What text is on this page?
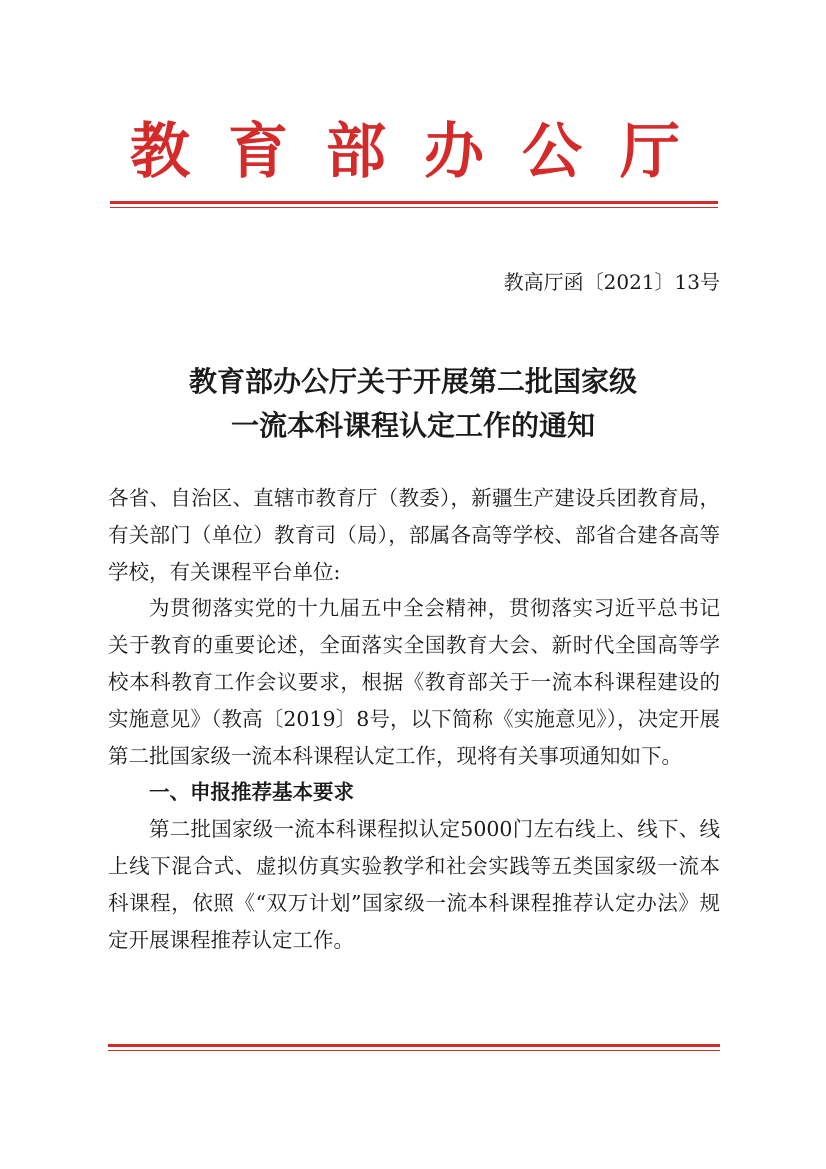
教育部办公厅
教高厅函〔2021〕13号
教育部办公厅关于开展第二批国家级
一流本科课程认定工作的通知

各省、自治区、直辖市教育厅（教委），新疆生产建设兵团教育局，有关部门（单位）教育司（局），部属各高等学校、部省合建各高等学校，有关课程平台单位:

为贯彻落实党的十九届五中全会精神，贯彻落实习近平总书记关于教育的重要论述，全面落实全国教育大会、新时代全国高等学校本科教育工作会议要求，根据《教育部关于一流本科课程建设的实施意见》（教高〔2019〕8号，以下简称《实施意见》），决定开展第二批国家级一流本科课程认定工作，现将有关事项通知如下。

一、申报推荐基本要求

第二批国家级一流本科课程拟认定5000门左右线上、线下、线上线下混合式、虚拟仿真实验教学和社会实践等五类国家级一流本科课程，依照《“双万计划”国家级一流本科课程推荐认定办法》规定开展课程推荐认定工作。
